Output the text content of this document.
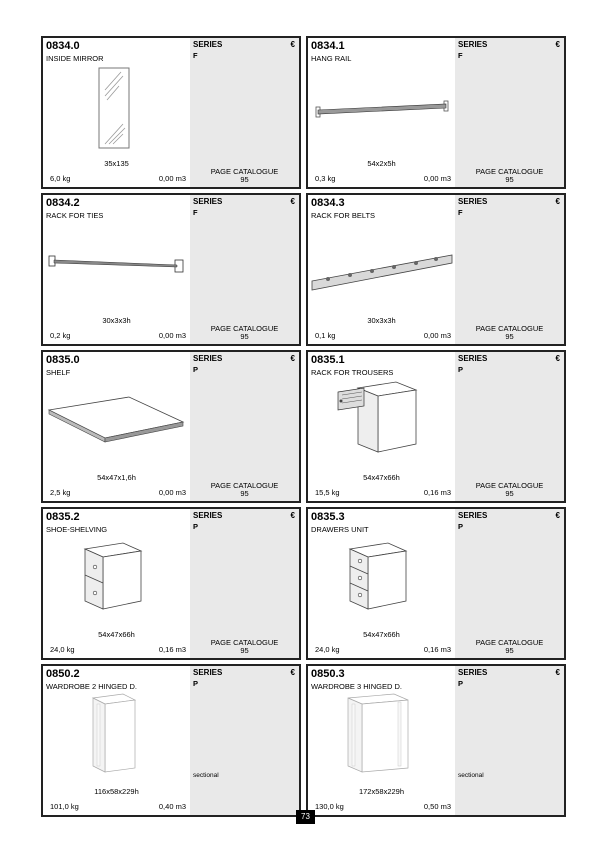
0834.0
INSIDE MIRROR
35x135
6,0 kg	0,00 m3
SERIES
F
€
PAGE CATALOGUE
95
0834.1
HANG RAIL
54x2x5h
0,3 kg	0,00 m3
SERIES
F
€
PAGE CATALOGUE
95
0834.2
RACK FOR TIES
30x3x3h
0,2 kg	0,00 m3
SERIES
F
€
PAGE CATALOGUE
95
0834.3
RACK FOR BELTS
30x3x3h
0,1 kg	0,00 m3
SERIES
F
€
PAGE CATALOGUE
95
0835.0
SHELF
54x47x1,6h
2,5 kg	0,00 m3
SERIES
P
€
PAGE CATALOGUE
95
0835.1
RACK FOR TROUSERS
54x47x66h
15,5 kg	0,16 m3
SERIES
P
€
PAGE CATALOGUE
95
0835.2
SHOE-SHELVING
54x47x66h
24,0 kg	0,16 m3
SERIES
P
€
PAGE CATALOGUE
95
0835.3
DRAWERS UNIT
54x47x66h
24,0 kg	0,16 m3
SERIES
P
€
PAGE CATALOGUE
95
0850.2
WARDROBE 2 HINGED D.
116x58x229h
101,0 kg	0,40 m3
SERIES
P
€
sectional
0850.3
WARDROBE 3 HINGED D.
172x58x229h
130,0 kg	0,50 m3
SERIES
P
€
sectional
73
